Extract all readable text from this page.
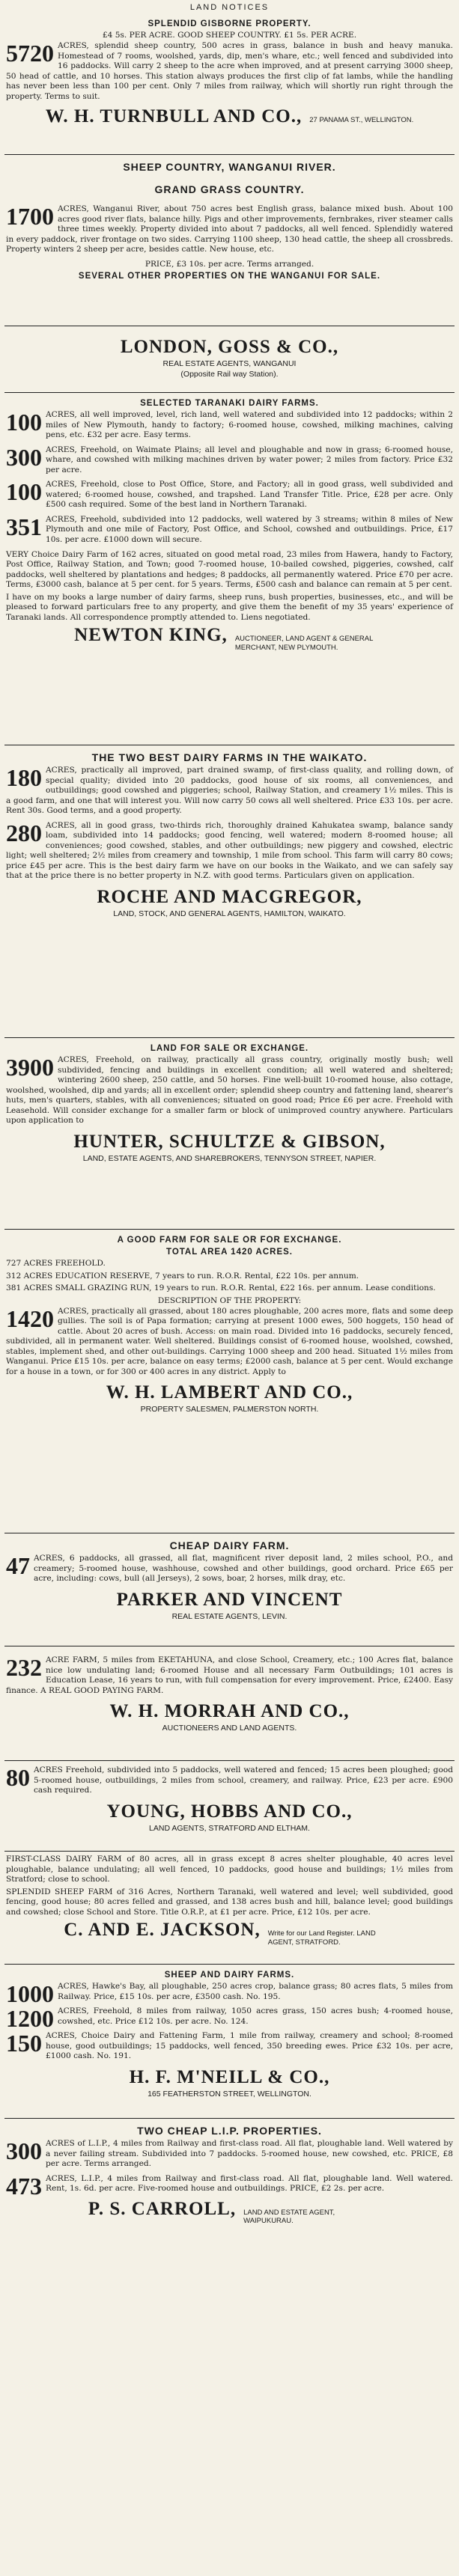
LAND NOTICES
SPLENDID GISBORNE PROPERTY.
£4 5s. PER ACRE. GOOD SHEEP COUNTRY. £1 5s. PER ACRE.
5720 ACRES, splendid sheep country, 500 acres in grass, balance in bush and heavy manuka. Homestead of 7 rooms, woolshed, yards, dip, men's whare, etc.; well fenced and subdivided into 16 paddocks. Will carry 2 sheep to the acre when improved, and at present carrying 3000 sheep, 50 head of cattle, and 10 horses. This station always produces the first clip of fat lambs, while the handling has never been less than 100 per cent. Only 7 miles from railway, which will shortly run right through the property. Terms to suit.

W. H. TURNBULL AND CO., 27 PANAMA ST., WELLINGTON.
SHEEP COUNTRY, WANGANUI RIVER.
GRAND GRASS COUNTRY.
1700 ACRES, Wanganui River, about 750 acres best English grass, balance mixed bush. About 100 acres good river flats, balance hilly. Pigs and other improvements, fernbrakes, river steamer calls three times weekly. Property divided into about 7 paddocks, all well fenced. Splendidly watered in every paddock, river frontage on two sides. Carrying 1100 sheep, 130 head cattle, the sheep all crossbreds. Property winters 2 sheep per acre, besides cattle. New house, etc.

PRICE, £3 10s. per acre. Terms arranged.
SEVERAL OTHER PROPERTIES ON THE WANGANUI FOR SALE.
LONDON, GOSS & CO.,
REAL ESTATE AGENTS, WANGANUI
(Opposite Rail way Station).
SELECTED TARANAKI DAIRY FARMS.
100 ACRES, all well improved, level, rich land, well watered and subdivided into 12 paddocks; within 2 miles of New Plymouth, handy to factory; 6-roomed house, cowshed, milking machines, calving pens, etc. £32 per acre. Easy terms.

300 ACRES, Freehold, on Waimate Plains; all level and ploughable and now in grass; 6-roomed house, whare, and cowshed with milking machines driven by water power; 2 miles from factory. Price £32 per acre.

100 ACRES, Freehold, close to Post Office, Store, and Factory; all in good grass, well subdivided and watered; 6-roomed house, cowshed, and trapshed. Land Transfer Title. Price, £28 per acre. Only £500 cash required. Some of the best land in Northern Taranaki.

351 ACRES, Freehold, subdivided into 12 paddocks, well watered by 3 streams; within 8 miles of New Plymouth and one mile of Factory, Post Office, and School, cowshed and outbuildings. Price, £17 10s. per acre. £1000 down will secure.

VERY Choice Dairy Farm of 162 acres, situated on good metal road, 23 miles from Hawera, handy to Factory, Post Office, Railway Station, and Town; good 7-roomed house, 10-bailed cowshed, piggeries, cowshed, calf paddocks, well sheltered by plantations and hedges; 8 paddocks, all permanently watered. Price £70 per acre. Terms, £3000 cash, balance at 5 per cent. for 5 years. Terms, £500 cash and balance can remain at 5 per cent.

I have on my books a large number of dairy farms, sheep runs, bush properties, businesses, etc., and will be pleased to forward particulars free to any property, and give them the benefit of my 35 years' experience of Taranaki lands. All correspondence promptly attended to. Liens negotiated.

NEWTON KING, AUCTIONEER, LAND AGENT & GENERAL MERCHANT, NEW PLYMOUTH.
THE TWO BEST DAIRY FARMS IN THE WAIKATO.
180 ACRES, practically all improved, part drained swamp, of first-class quality, and rolling down, of special quality; divided into 20 paddocks, good house of six rooms, all conveniences, and outbuildings; good cowshed and piggeries; school, Railway Station, and creamery 1½ miles. This is a good farm, and one that will interest you. Will now carry 50 cows all well sheltered. Price £33 10s. per acre. Rent 30s. Good terms, and a good property.

280 ACRES, all in good grass, two-thirds rich, thoroughly drained Kahukatea swamp, balance sandy loam, subdivided into 14 paddocks; good fencing, well watered; modern 8-roomed house; all conveniences; good cowshed, stables, and other outbuildings; new piggery and cowshed, electric light; well sheltered; 2½ miles from creamery and township, 1 mile from school. This farm will carry 80 cows; price £45 per acre. This is the best dairy farm we have on our books in the Waikato, and we can safely say that at the price there is no better property in N.Z. with good terms. Particulars given on application.

ROCHE AND MACGREGOR,
LAND, STOCK, AND GENERAL AGENTS, HAMILTON, WAIKATO.
LAND FOR SALE OR EXCHANGE.
3900 ACRES, Freehold, on railway, practically all grass country, originally mostly bush; well subdivided, fencing and buildings in excellent condition; all well watered and sheltered; wintering 2600 sheep, 250 cattle, and 50 horses. Fine well-built 10-roomed house, also cottage, woolshed, woolshed, dip and yards; all in excellent order; splendid sheep country and fattening land, shearer's huts, men's quarters, stables, with all conveniences; situated on good road; Price £6 per acre. Freehold with Leasehold. Will consider exchange for a smaller farm or block of unimproved country anywhere. Particulars upon application to

HUNTER, SCHULTZE & GIBSON,
LAND, ESTATE AGENTS, AND SHAREBROKERS, TENNYSON STREET, NAPIER.
A GOOD FARM FOR SALE OR FOR EXCHANGE.
TOTAL AREA 1420 ACRES.

727 ACRES FREEHOLD.

312 ACRES EDUCATION RESERVE, 7 years to run. R.O.R. Rental, £22 10s. per annum.

381 ACRES SMALL GRAZING RUN, 19 years to run. R.O.R. Rental, £22 16s. per annum. Lease conditions.

DESCRIPTION OF THE PROPERTY:
1420 ACRES, practically all grassed, about 180 acres ploughable, 200 acres more, flats and some deep gullies. The soil is of Papa formation; carrying at present 1000 ewes, 500 hoggets, 150 head of cattle. About 20 acres of bush. Access: on main road. Divided into 16 paddocks, securely fenced, subdivided, all in permanent water. Well sheltered. Buildings consist of 6-roomed house, woolshed, cowshed, stables, implement shed, and other out-buildings. Carrying 1000 sheep and 200 head. Situated 1½ miles from Wanganui. Price £15 10s. per acre, balance on easy terms; £2000 cash, balance at 5 per cent. Would exchange for a house in a town, or for 300 or 400 acres in any district. Apply to

W. H. LAMBERT AND CO.,
PROPERTY SALESMEN, PALMERSTON NORTH.
CHEAP DAIRY FARM.
47 ACRES, 6 paddocks, all grassed, all flat, magnificent river deposit land, 2 miles school, P.O., and creamery; 5-roomed house, washhouse, cowshed and other buildings, good orchard. Price £65 per acre, including: cows, bull (all Jerseys), 2 sows, boar, 2 horses, milk dray, etc.

PARKER AND VINCENT
REAL ESTATE AGENTS, LEVIN.
232 ACRE FARM, 5 miles from EKETAHUNA, and close School, Creamery, etc.; 100 Acres flat, balance nice low undulating land; 6-roomed House and all necessary Farm Outbuildings; 101 acres is Education Lease, 16 years to run, with full compensation for every improvement. Price, £2400. Easy finance. A REAL GOOD PAYING FARM.

W. H. MORRAH AND CO.,
AUCTIONEERS AND LAND AGENTS.
80 ACRES Freehold, subdivided into 5 paddocks, well watered and fenced; 15 acres been ploughed; good 5-roomed house, outbuildings, 2 miles from school, creamery, and railway. Price, £23 per acre. £900 cash required.

YOUNG, HOBBS AND CO.,
LAND AGENTS, STRATFORD AND ELTHAM.

FIRST-CLASS DAIRY FARM of 80 acres, all in grass except 8 acres shelter ploughable, 40 acres level ploughable, balance undulating; all well fenced, 10 paddocks, good house and buildings; 1½ miles from Stratford; close to school.

SPLENDID SHEEP FARM of 316 Acres, Northern Taranaki, well watered and level; well subdivided, good fencing, good house; 80 acres felled and grassed, and 138 acres bush and hill, balance level; good buildings and cowshed; close School and Store. Title O.R.P., at £1 per acre. Price, £12 10s. per acre.

C. AND E. JACKSON, Write for our Land Register. LAND AGENT, STRATFORD.
SHEEP AND DAIRY FARMS.
1000 ACRES, Hawke's Bay, all ploughable, 250 acres crop, balance grass; 80 acres flats, 5 miles from Railway. Price, £15 10s. per acre, £3500 cash. No. 195.

1200 ACRES, Freehold, 8 miles from railway, 1050 acres grass, 150 acres bush; 4-roomed house, cowshed, etc. Price £12 10s. per acre. No. 124.

150 ACRES, Choice Dairy and Fattening Farm, 1 mile from railway, creamery and school; 8-roomed house, good outbuildings; 15 paddocks, well fenced, 350 breeding ewes. Price £32 10s. per acre, £1000 cash. No. 191.

H. F. M'NEILL & CO.,
165 FEATHERSTON STREET, WELLINGTON.
TWO CHEAP L.I.P. PROPERTIES.
300 ACRES of L.I.P., 4 miles from Railway and first-class road. All flat, ploughable land. Well watered by a never failing stream. Subdivided into 7 paddocks. 5-roomed house, new cowshed, etc. PRICE, £8 per acre. Terms arranged.

473 ACRES, L.I.P., 4 miles from Railway and first-class road. All flat, ploughable land. Well watered. Rent, 1s. 6d. per acre. Five-roomed house and outbuildings. PRICE, £2 2s. per acre.

P. S. CARROLL, LAND AND ESTATE AGENT, WAIPUKURAU.
